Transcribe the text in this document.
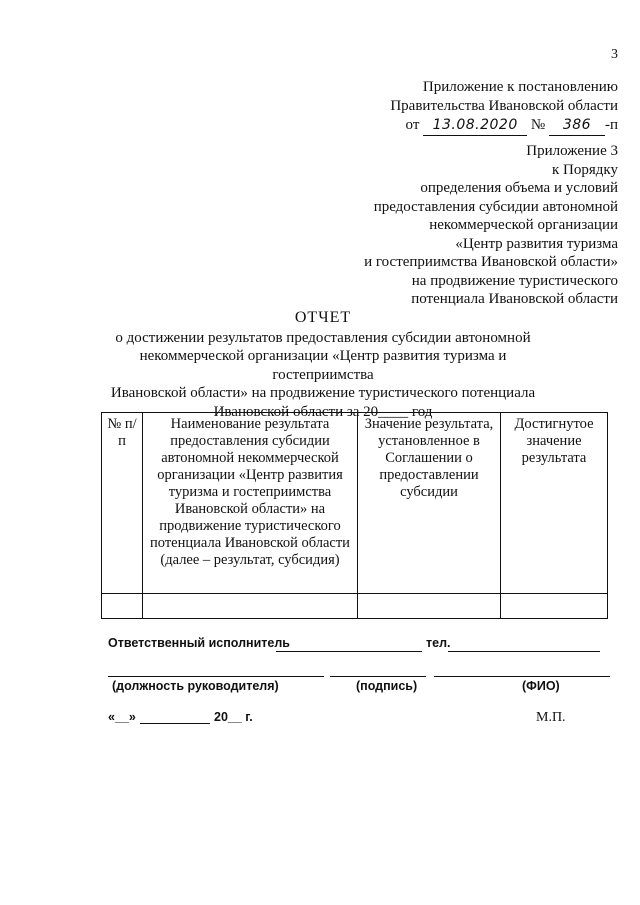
3
Приложение к постановлению
Правительства Ивановской области
от 13.08.2020 № 386 -п
Приложение 3
к Порядку
определения объема и условий
предоставления субсидии автономной
некоммерческой организации
«Центр развития туризма
и гостеприимства Ивановской области»
на продвижение туристического
потенциала Ивановской области
ОТЧЕТ
о достижении результатов предоставления субсидии автономной
некоммерческой организации «Центр развития туризма и гостеприимства
Ивановской области» на продвижение туристического потенциала
Ивановской области за 20____ год
№ п/п	Наименование результата предоставления субсидии автономной некоммерческой организации «Центр развития туризма и гостеприимства Ивановской области» на продвижение туристического потенциала Ивановской области (далее – результат, субсидия)	Значение результата, установленное в Соглашении о предоставлении субсидии	Достигнутое значение результата

Ответственный исполнитель	тел.
(должность руководителя)	(подпись)	(ФИО)
«__»	20__ г.	М.П.
